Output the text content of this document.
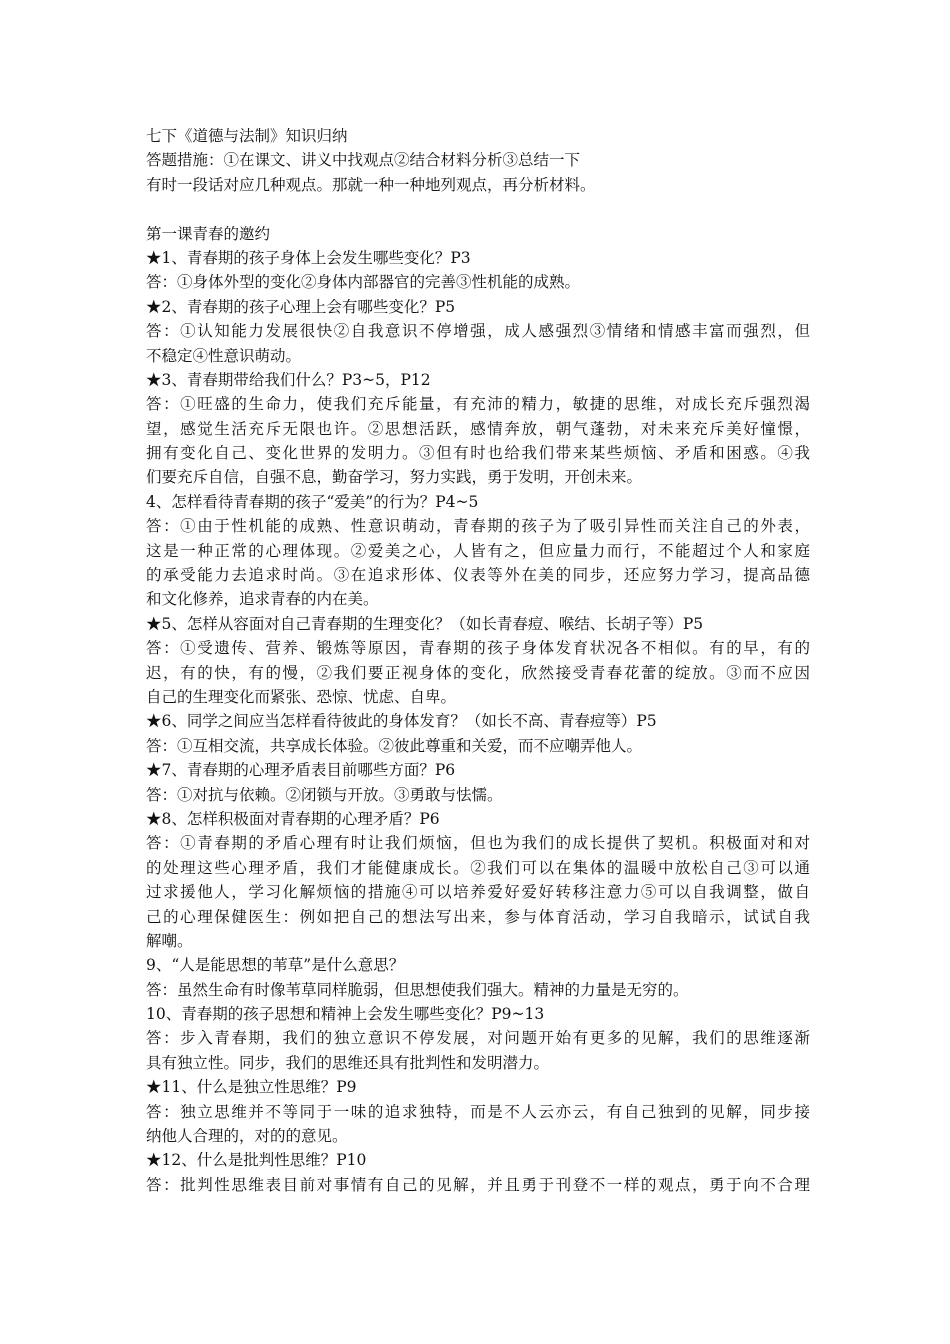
七下《道德与法制》知识归纳
答题措施：①在课文、讲义中找观点②结合材料分析③总结一下
有时一段话对应几种观点。那就一种一种地列观点，再分析材料。
第一课青春的邀约
★1、青春期的孩子身体上会发生哪些变化？P3
答：①身体外型的变化②身体内部器官的完善③性机能的成熟。
★2、青春期的孩子心理上会有哪些变化？P5
答：①认知能力发展很快②自我意识不停增强，成人感强烈③情绪和情感丰富而强烈，但
不稳定④性意识萌动。
★3、青春期带给我们什么？P3~5，P12
答：①旺盛的生命力，使我们充斥能量，有充沛的精力，敏捷的思维，对成长充斥强烈渴
望，感觉生活充斥无限也许。②思想活跃，感情奔放，朝气蓬勃，对未来充斥美好憧憬，
拥有变化自己、变化世界的发明力。③但有时也给我们带来某些烦恼、矛盾和困惑。④我
们要充斥自信，自强不息，勤奋学习，努力实践，勇于发明，开创未来。
4、怎样看待青春期的孩子“爱美”的行为？P4~5
答：①由于性机能的成熟、性意识萌动，青春期的孩子为了吸引异性而关注自己的外表，
这是一种正常的心理体现。②爱美之心，人皆有之，但应量力而行，不能超过个人和家庭
的承受能力去追求时尚。③在追求形体、仪表等外在美的同步，还应努力学习，提高品德
和文化修养，追求青春的内在美。
★5、怎样从容面对自己青春期的生理变化？（如长青春痘、喉结、长胡子等）P5
答：①受遗传、营养、锻炼等原因，青春期的孩子身体发育状况各不相似。有的早，有的
迟，有的快，有的慢，②我们要正视身体的变化，欣然接受青春花蕾的绽放。③而不应因
自己的生理变化而紧张、恐惊、忧虑、自卑。
★6、同学之间应当怎样看待彼此的身体发育？（如长不高、青春痘等）P5
答：①互相交流，共享成长体验。②彼此尊重和关爱，而不应嘲弄他人。
★7、青春期的心理矛盾表目前哪些方面？P6
答：①对抗与依赖。②闭锁与开放。③勇敢与怯懦。
★8、怎样积极面对青春期的心理矛盾？P6
答：①青春期的矛盾心理有时让我们烦恼，但也为我们的成长提供了契机。积极面对和对
的处理这些心理矛盾，我们才能健康成长。②我们可以在集体的温暖中放松自己③可以通
过求援他人，学习化解烦恼的措施④可以培养爱好爱好转移注意力⑤可以自我调整，做自
己的心理保健医生：例如把自己的想法写出来，参与体育活动，学习自我暗示，试试自我
解嘲。
9、“人是能思想的苇草”是什么意思？
答：虽然生命有时像苇草同样脆弱，但思想使我们强大。精神的力量是无穷的。
10、青春期的孩子思想和精神上会发生哪些变化？P9~13
答：步入青春期，我们的独立意识不停发展，对问题开始有更多的见解，我们的思维逐渐
具有独立性。同步，我们的思维还具有批判性和发明潜力。
★11、什么是独立性思维？P9
答：独立思维并不等同于一味的追求独特，而是不人云亦云，有自己独到的见解，同步接
纳他人合理的，对的的意见。
★12、什么是批判性思维？P10
答：批判性思维表目前对事情有自己的见解，并且勇于刊登不一样的观点，勇于向不合理
